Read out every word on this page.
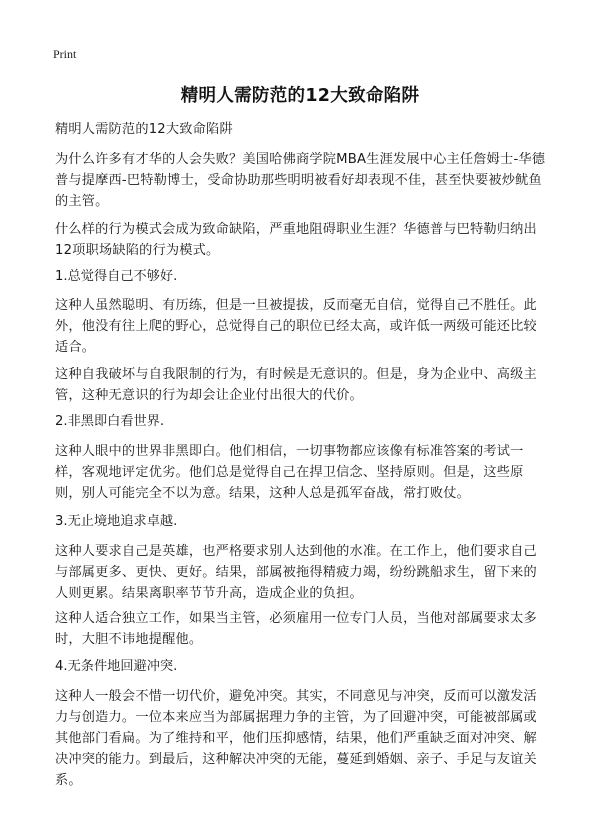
Print
精明人需防范的12大致命陷阱

精明人需防范的12大致命陷阱

为什么许多有才华的人会失败？美国哈佛商学院MBA生涯发展中心主任詹姆士-华德普与提摩西-巴特勒博士，受命协助那些明明被看好却表现不佳，甚至快要被炒鱿鱼的主管。

什么样的行为模式会成为致命缺陷，严重地阻碍职业生涯？华德普与巴特勒归纳出12项职场缺陷的行为模式。

1.总觉得自己不够好.

这种人虽然聪明、有历练，但是一旦被提拔，反而毫无自信，觉得自己不胜任。此外，他没有往上爬的野心，总觉得自己的职位已经太高，或许低一两级可能还比较适合。

这种自我破坏与自我限制的行为，有时候是无意识的。但是，身为企业中、高级主管，这种无意识的行为却会让企业付出很大的代价。

2.非黑即白看世界.

这种人眼中的世界非黑即白。他们相信，一切事物都应该像有标准答案的考试一样，客观地评定优劣。他们总是觉得自己在捍卫信念、坚持原则。但是，这些原则，别人可能完全不以为意。结果，这种人总是孤军奋战，常打败仗。

3.无止境地追求卓越.

这种人要求自己是英雄，也严格要求别人达到他的水准。在工作上，他们要求自己与部属更多、更快、更好。结果，部属被拖得精疲力竭，纷纷跳船求生，留下来的人则更累。结果离职率节节升高，造成企业的负担。

这种人适合独立工作，如果当主管，必须雇用一位专门人员，当他对部属要求太多时，大胆不讳地提醒他。

4.无条件地回避冲突.

这种人一般会不惜一切代价，避免冲突。其实，不同意见与冲突，反而可以激发活力与创造力。一位本来应当为部属据理力争的主管，为了回避冲突，可能被部属或其他部门看扁。为了维持和平，他们压抑感情，结果，他们严重缺乏面对冲突、解决冲突的能力。到最后，这种解决冲突的无能，蔓延到婚姻、亲子、手足与友谊关系。
